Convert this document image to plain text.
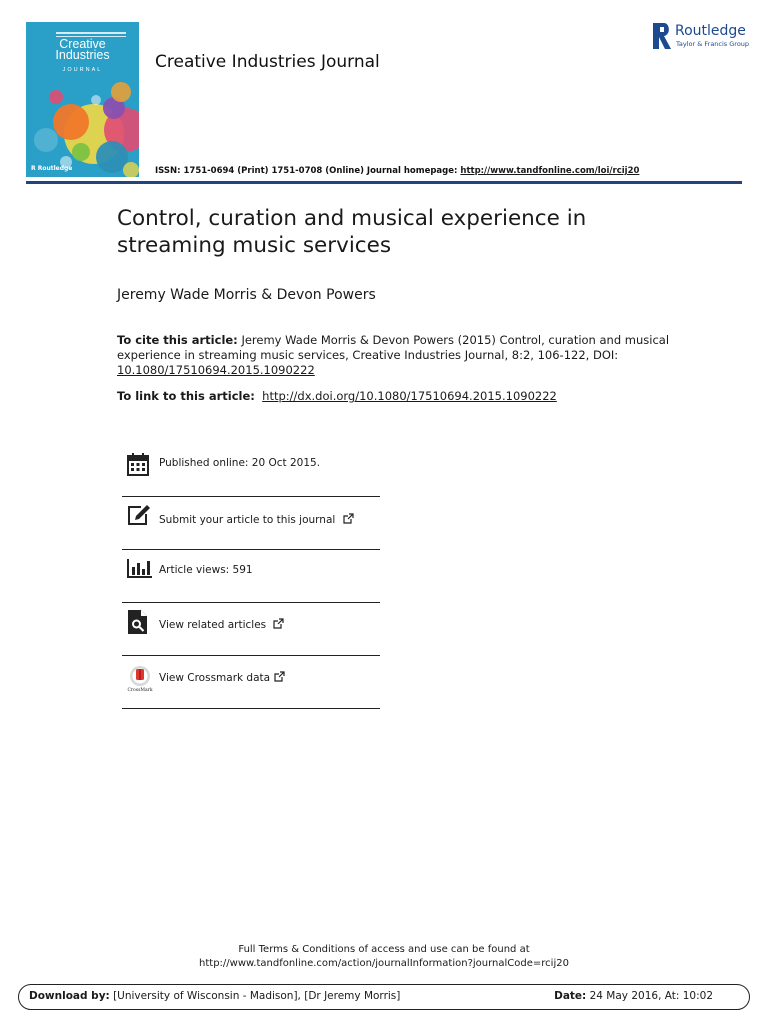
Creative
Industries
JOURNAL
R Routledge
Creative Industries Journal
Routledge
Taylor & Francis Group
ISSN: 1751-0694 (Print) 1751-0708 (Online) Journal homepage: http://www.tandfonline.com/loi/rcij20
Control, curation and musical experience in streaming music services
Jeremy Wade Morris & Devon Powers
To cite this article: Jeremy Wade Morris & Devon Powers (2015) Control, curation and musical experience in streaming music services, Creative Industries Journal, 8:2, 106-122, DOI:
10.1080/17510694.2015.1090222
To link to this article: http://dx.doi.org/10.1080/17510694.2015.1090222
Published online: 20 Oct 2015.
Submit your article to this journal
Article views: 591
View related articles
CrossMark
View Crossmark data
Full Terms & Conditions of access and use can be found at
http://www.tandfonline.com/action/journalInformation?journalCode=rcij20
Download by: [University of Wisconsin - Madison], [Dr Jeremy Morris]	Date: 24 May 2016, At: 10:02
